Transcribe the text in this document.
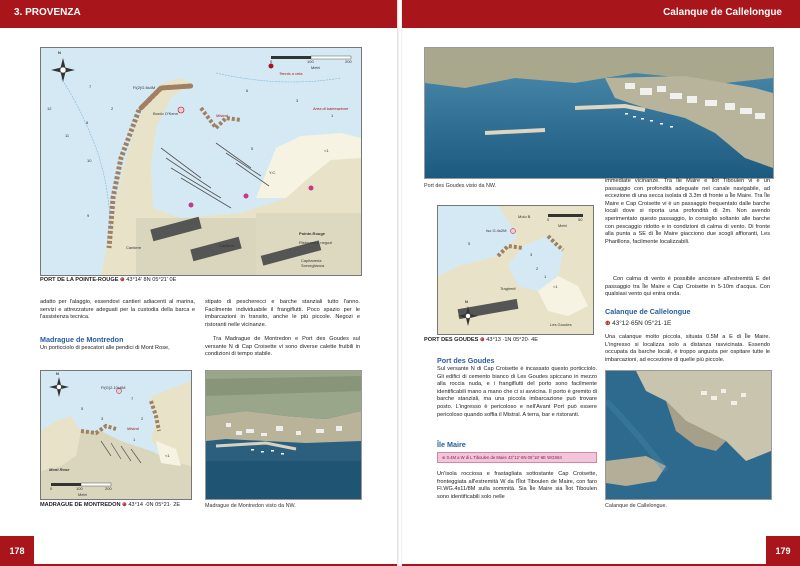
3. PROVENZA
N
0	100	200
Metri
Fl(2)G.6s4M
Tennis a vela
Mistral
Area di balneazione
Pointe-Rouge
Ristoranti e negozi
Cantiere	Cantiere
Y.C.
Bordo O'Kenn
Capitaneria
Sorveglianza
2
7
12
8
11
10
9
6
5
3
1
<1
PORT DE LA POINTE-ROUGE ⊕ 43°14' 8N 05°21' 0E
adatto per l'alaggio, essendovi cantieri adiacenti al marina, servizi e attrezzature adeguati per la custodia della barca e l'assistenza tecnica.
Madrague de Montredon
Un porticciolo di pescatori alle pendici di Mont Rose,
stipato di pescherecci e barche stanziali tutto l'anno. Facilmente individuabile il frangiflutti. Poco spazio per le imbarcazioni in transito, anche le più piccole. Negozi e ristoranti nelle vicinanze.
Tra Madrague de Montredon e Port des Goudes sul versante N di Cap Croisette vi sono diverse calette fruibili in condizioni di tempo stabile.
N
0	100	200
Metri
Fl(G)2.10s6M
Mont Rose
Mistral
5
7
3	2
1
<1
MADRAGUE DE MONTREDON ⊕ 43°14 ·0N 05°21· 2E	Madrague de Montredon visto da NW.
178
Calanque de Callelongue
Port des Goudes visto da NW.
N
0	50
Metri
Iso G.4s2M
Molo B
Traghetti
Les Goudes
3
2
1
<1
5
PORT DES GOUDES ⊕ 43°13 ·1N 05°20· 4E
Port des Goudes
Sul versante N di Cap Croisette è incassato questo porticciolo. Gli edifici di cemento bianco di Les Goudes spiccano in mezzo alla roccia nuda, e i frangiflutti del porto sono facilmente identificabili mano a mano che ci si avvicina. Il porto è gremito di barche stanziali, ma una piccola imbarcazione può trovare posto. L'ingresso è pericoloso e nell'Avant Port può essere pericoloso quando soffia il Mistral. A terra, bar e ristoranti.
Île Maire
⊕ 0.4M a W di L Tiboulen de Maire 43°12'·8N 05°18'·6E WGS84
Un'isola rocciosa e frastagliata sottostante Cap Croisette, fronteggiata all'estremità W da l'Îlot Tiboulen de Maire, con faro Fl.WG.4s11/8M sulla sommità. Sia Île Maire sia Îlot Tiboulen sono identificabili solo nelle
immediate vicinanze. Tra Île Maire e Îlot Tiboulen vi è un passaggio con profondità adeguate nel canale navigabile, ad eccezione di una secca isolata di 3.3m di fronte a Île Maire. Tra Île Maire e Cap Croisette vi è un passaggio frequentato dalle barche locali dove si riporta una profondità di 2m. Non avendo sperimentato questo passaggio, lo consiglio soltanto alle barche con pescaggio ridotto e in condizioni di calma di vento. Di fronte alla punta a SE di Île Maire giacciono due scogli affioranti, Les Pharillons, facilmente localizzabili.
Con calma di vento è possibile ancorare all'estremità E del passaggio tra Île Maire e Cap Croisette in 5-10m d'acqua. Con qualsiasi vento qui entra onda.
Calanque de Callelongue
⊕ 43°12·65N 05°21·1E
Una calanque molto piccola, situata 0.5M a E di Île Maire. L'ingresso si localizza solo a distanza ravvicinata. Essendo occupata da barche locali, è troppo angusta per ospitare tutte le imbarcazioni, ad eccezione di quelle più piccole.
Calanque de Callelongue.
179
